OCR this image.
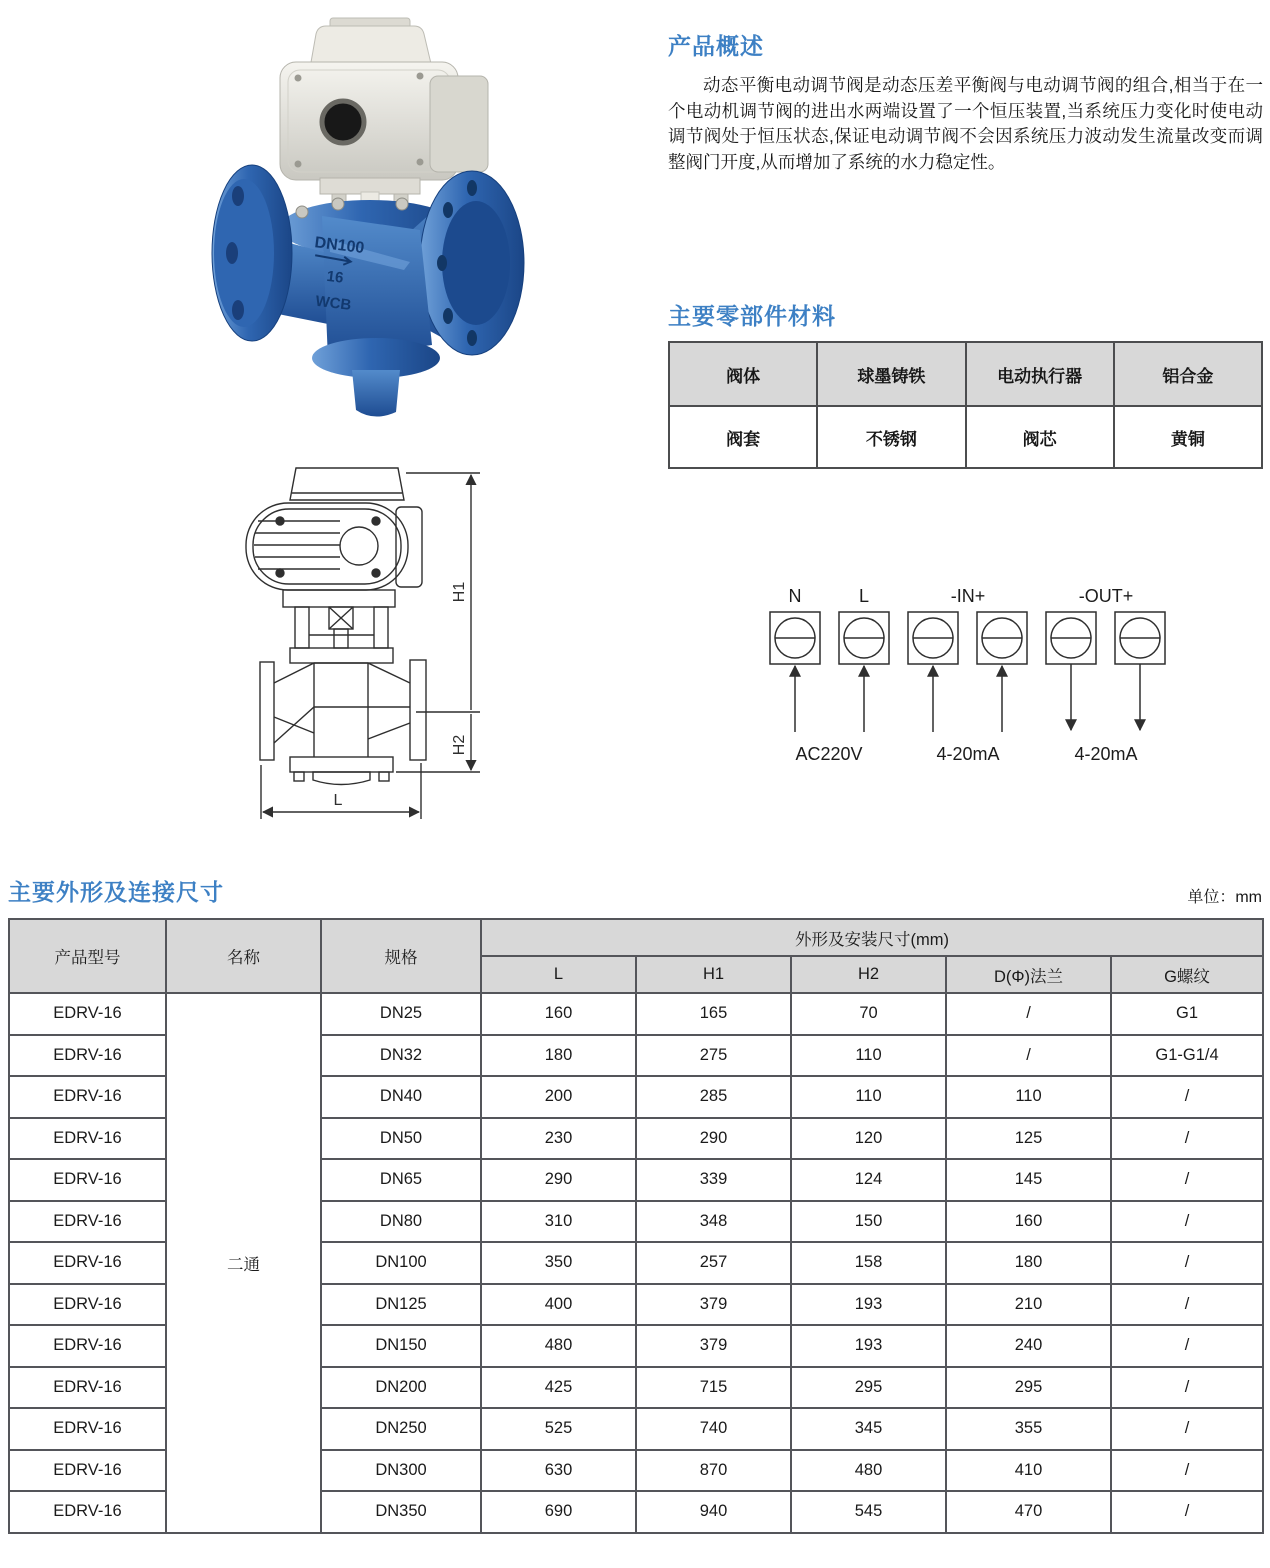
DN100
16
WCB
产品概述

动态平衡电动调节阀是动态压差平衡阀与电动调节阀的组合,相当于在一个电动机调节阀的进出水两端设置了一个恒压装置,当系统压力变化时使电动调节阀处于恒压状态,保证电动调节阀不会因系统压力波动发生流量改变而调整阀门开度,从而增加了系统的水力稳定性。

主要零部件材料
阀体	球墨铸铁	电动执行器	铝合金
阀套	不锈钢	阀芯	黄铜
H1
H2
L
N	L	-IN+	-OUT+
AC220V	4-20mA	4-20mA
主要外形及连接尺寸	单位：mm
产品型号	名称	规格	外形及安装尺寸(mm)				
			L	H1	H2	D(Φ)法兰	G螺纹
EDRV-16	二通	DN25	160	165	70	/	G1
EDRV-16		DN32	180	275	110	/	G1-G1/4
EDRV-16		DN40	200	285	110	110	/
EDRV-16		DN50	230	290	120	125	/
EDRV-16		DN65	290	339	124	145	/
EDRV-16		DN80	310	348	150	160	/
EDRV-16		DN100	350	257	158	180	/
EDRV-16		DN125	400	379	193	210	/
EDRV-16		DN150	480	379	193	240	/
EDRV-16		DN200	425	715	295	295	/
EDRV-16		DN250	525	740	345	355	/
EDRV-16		DN300	630	870	480	410	/
EDRV-16		DN350	690	940	545	470	/
